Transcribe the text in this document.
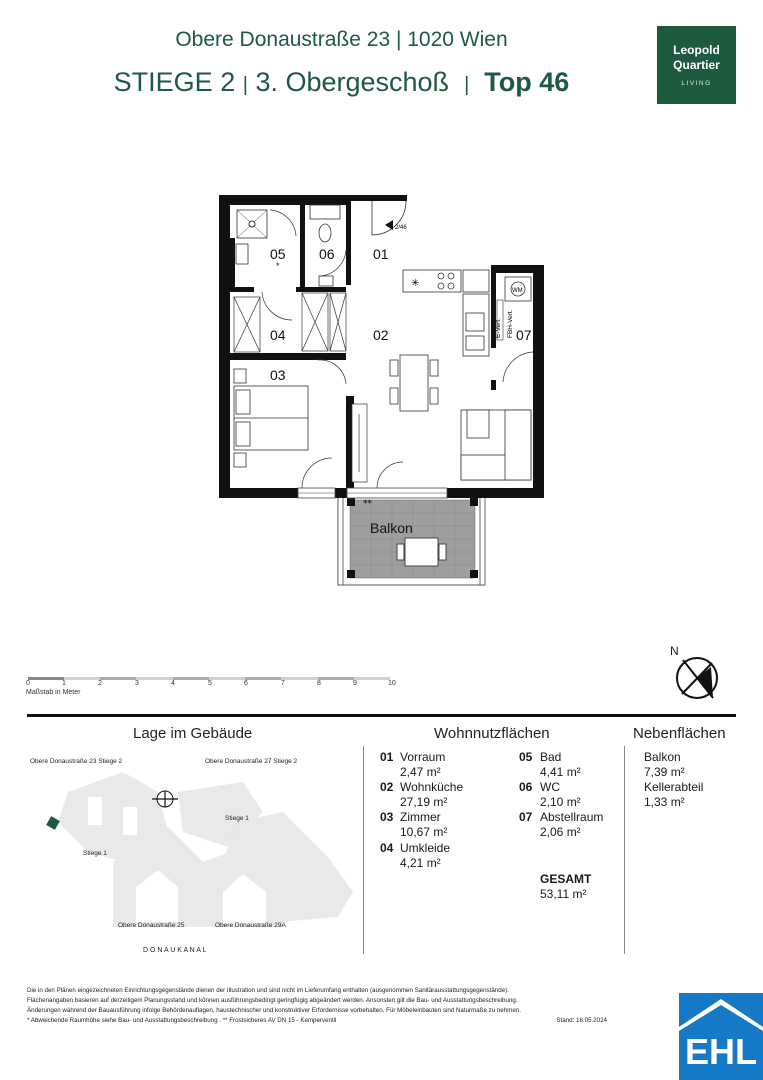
Obere Donaustraße 23 | 1020 Wien
STIEGE 2 | 3. Obergeschoß | Top 46
Leopold
Quartier
LIVING
2/46
✳
WM
E-Vert. FBH-Vert.
05
*
06	01
04	02	07
03
Balkon
**
N
0	1	2	3	4	5	6	7	8	9	10
Maßstab in Meter
Lage im Gebäude
Obere Donaustraße 23 Stiege 2	Obere Donaustraße 27 Stiege 2
Stiege 1
Stiege 1
Obere Donaustraße 25	Obere Donaustraße 29A
D O N A U K A N A L
Wohnnutzflächen
01 Vorraum
2,47 m²
02 Wohnküche
27,19 m²
03 Zimmer
10,67 m²
04 Umkleide
4,21 m²
05 Bad
4,41 m²
06 WC
2,10 m²
07 Abstellraum
2,06 m²
GESAMT
53,11 m²
Nebenflächen
Balkon
7,39 m²
Kellerabteil
1,33 m²
Die in den Plänen eingezeichneten Einrichtungsgegenstände dienen der Illustration und sind nicht im Lieferumfang enthalten (ausgenommen Sanitärausstattungsgegenstände).
Flächenangaben basieren auf derzeitigem Planungsstand und können ausführungsbedingt geringfügig abgeändert werden. Ansonsten gilt die Bau- und Ausstattungsbeschreibung.
Änderungen während der Bauausführung infolge Behördenauflagen, haustechnischer und konstruktiver Erfordernisse vorbehalten. Für Möbeleinbauten sind Naturmaße zu nehmen.
* Abweichende Raumhöhe siehe Bau- und Ausstattungsbeschreibung . ** Frostsicheres AV DN 15 - Kemperventil	Stand: 16.05.2024
EHL
